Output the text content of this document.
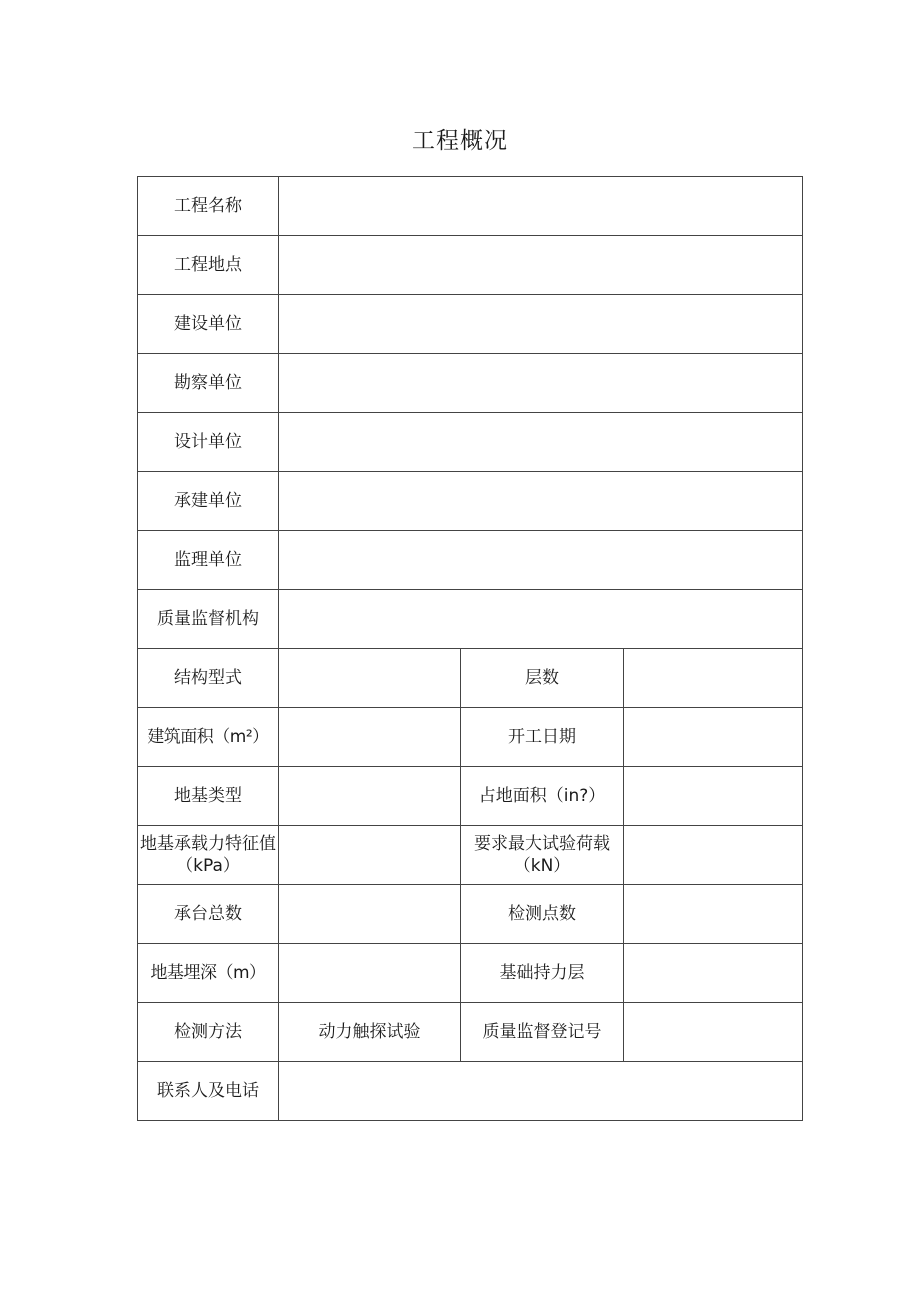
工程概况
工程名称			
工程地点			
建设单位			
勘察单位			
设计单位			
承建单位			
监理单位			
质量监督机构			
结构型式		层数	
建筑面积（m²）		开工日期	
地基类型		占地面积（in?）	
地基承载力特征值（kPa）		要求最大试验荷载（kN）	
承台总数		检测点数	
地基埋深（m）		基础持力层	
检测方法	动力触探试验	质量监督登记号	
联系人及电话			
